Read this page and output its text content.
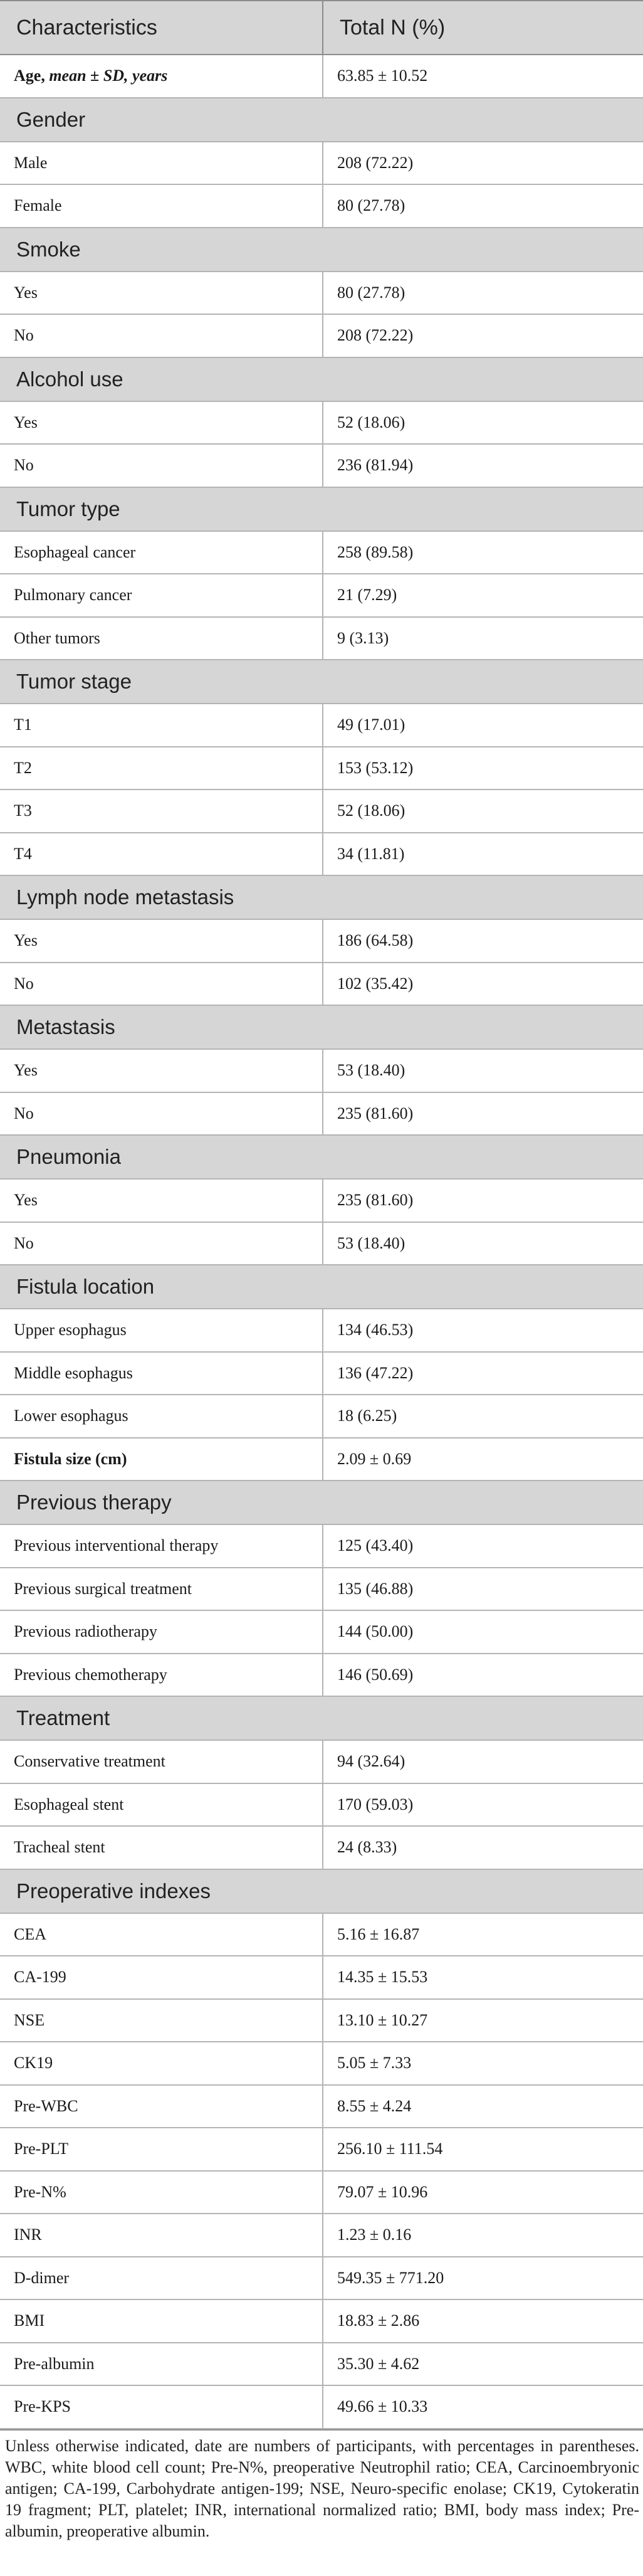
Characteristics	Total N (%)
Age, mean ± SD, years	63.85 ± 10.52
Gender	
Male	208 (72.22)
Female	80 (27.78)
Smoke	
Yes	80 (27.78)
No	208 (72.22)
Alcohol use	
Yes	52 (18.06)
No	236 (81.94)
Tumor type	
Esophageal cancer	258 (89.58)
Pulmonary cancer	21 (7.29)
Other tumors	9 (3.13)
Tumor stage	
T1	49 (17.01)
T2	153 (53.12)
T3	52 (18.06)
T4	34 (11.81)
Lymph node metastasis	
Yes	186 (64.58)
No	102 (35.42)
Metastasis	
Yes	53 (18.40)
No	235 (81.60)
Pneumonia	
Yes	235 (81.60)
No	53 (18.40)
Fistula location	
Upper esophagus	134 (46.53)
Middle esophagus	136 (47.22)
Lower esophagus	18 (6.25)
Fistula size (cm)	2.09 ± 0.69
Previous therapy	
Previous interventional therapy	125 (43.40)
Previous surgical treatment	135 (46.88)
Previous radiotherapy	144 (50.00)
Previous chemotherapy	146 (50.69)
Treatment	
Conservative treatment	94 (32.64)
Esophageal stent	170 (59.03)
Tracheal stent	24 (8.33)
Preoperative indexes	
CEA	5.16 ± 16.87
CA-199	14.35 ± 15.53
NSE	13.10 ± 10.27
CK19	5.05 ± 7.33
Pre-WBC	8.55 ± 4.24
Pre-PLT	256.10 ± 111.54
Pre-N%	79.07 ± 10.96
INR	1.23 ± 0.16
D-dimer	549.35 ± 771.20
BMI	18.83 ± 2.86
Pre-albumin	35.30 ± 4.62
Pre-KPS	49.66 ± 10.33
Unless otherwise indicated, date are numbers of participants, with percentages in parentheses. WBC, white blood cell count; Pre-N%, preoperative Neutrophil ratio; CEA, Carcinoembryonic antigen; CA-199, Carbohydrate antigen-199; NSE, Neuro-specific enolase; CK19, Cytokeratin 19 fragment; PLT, platelet; INR, international normalized ratio; BMI, body mass index; Pre-albumin, preoperative albumin.
